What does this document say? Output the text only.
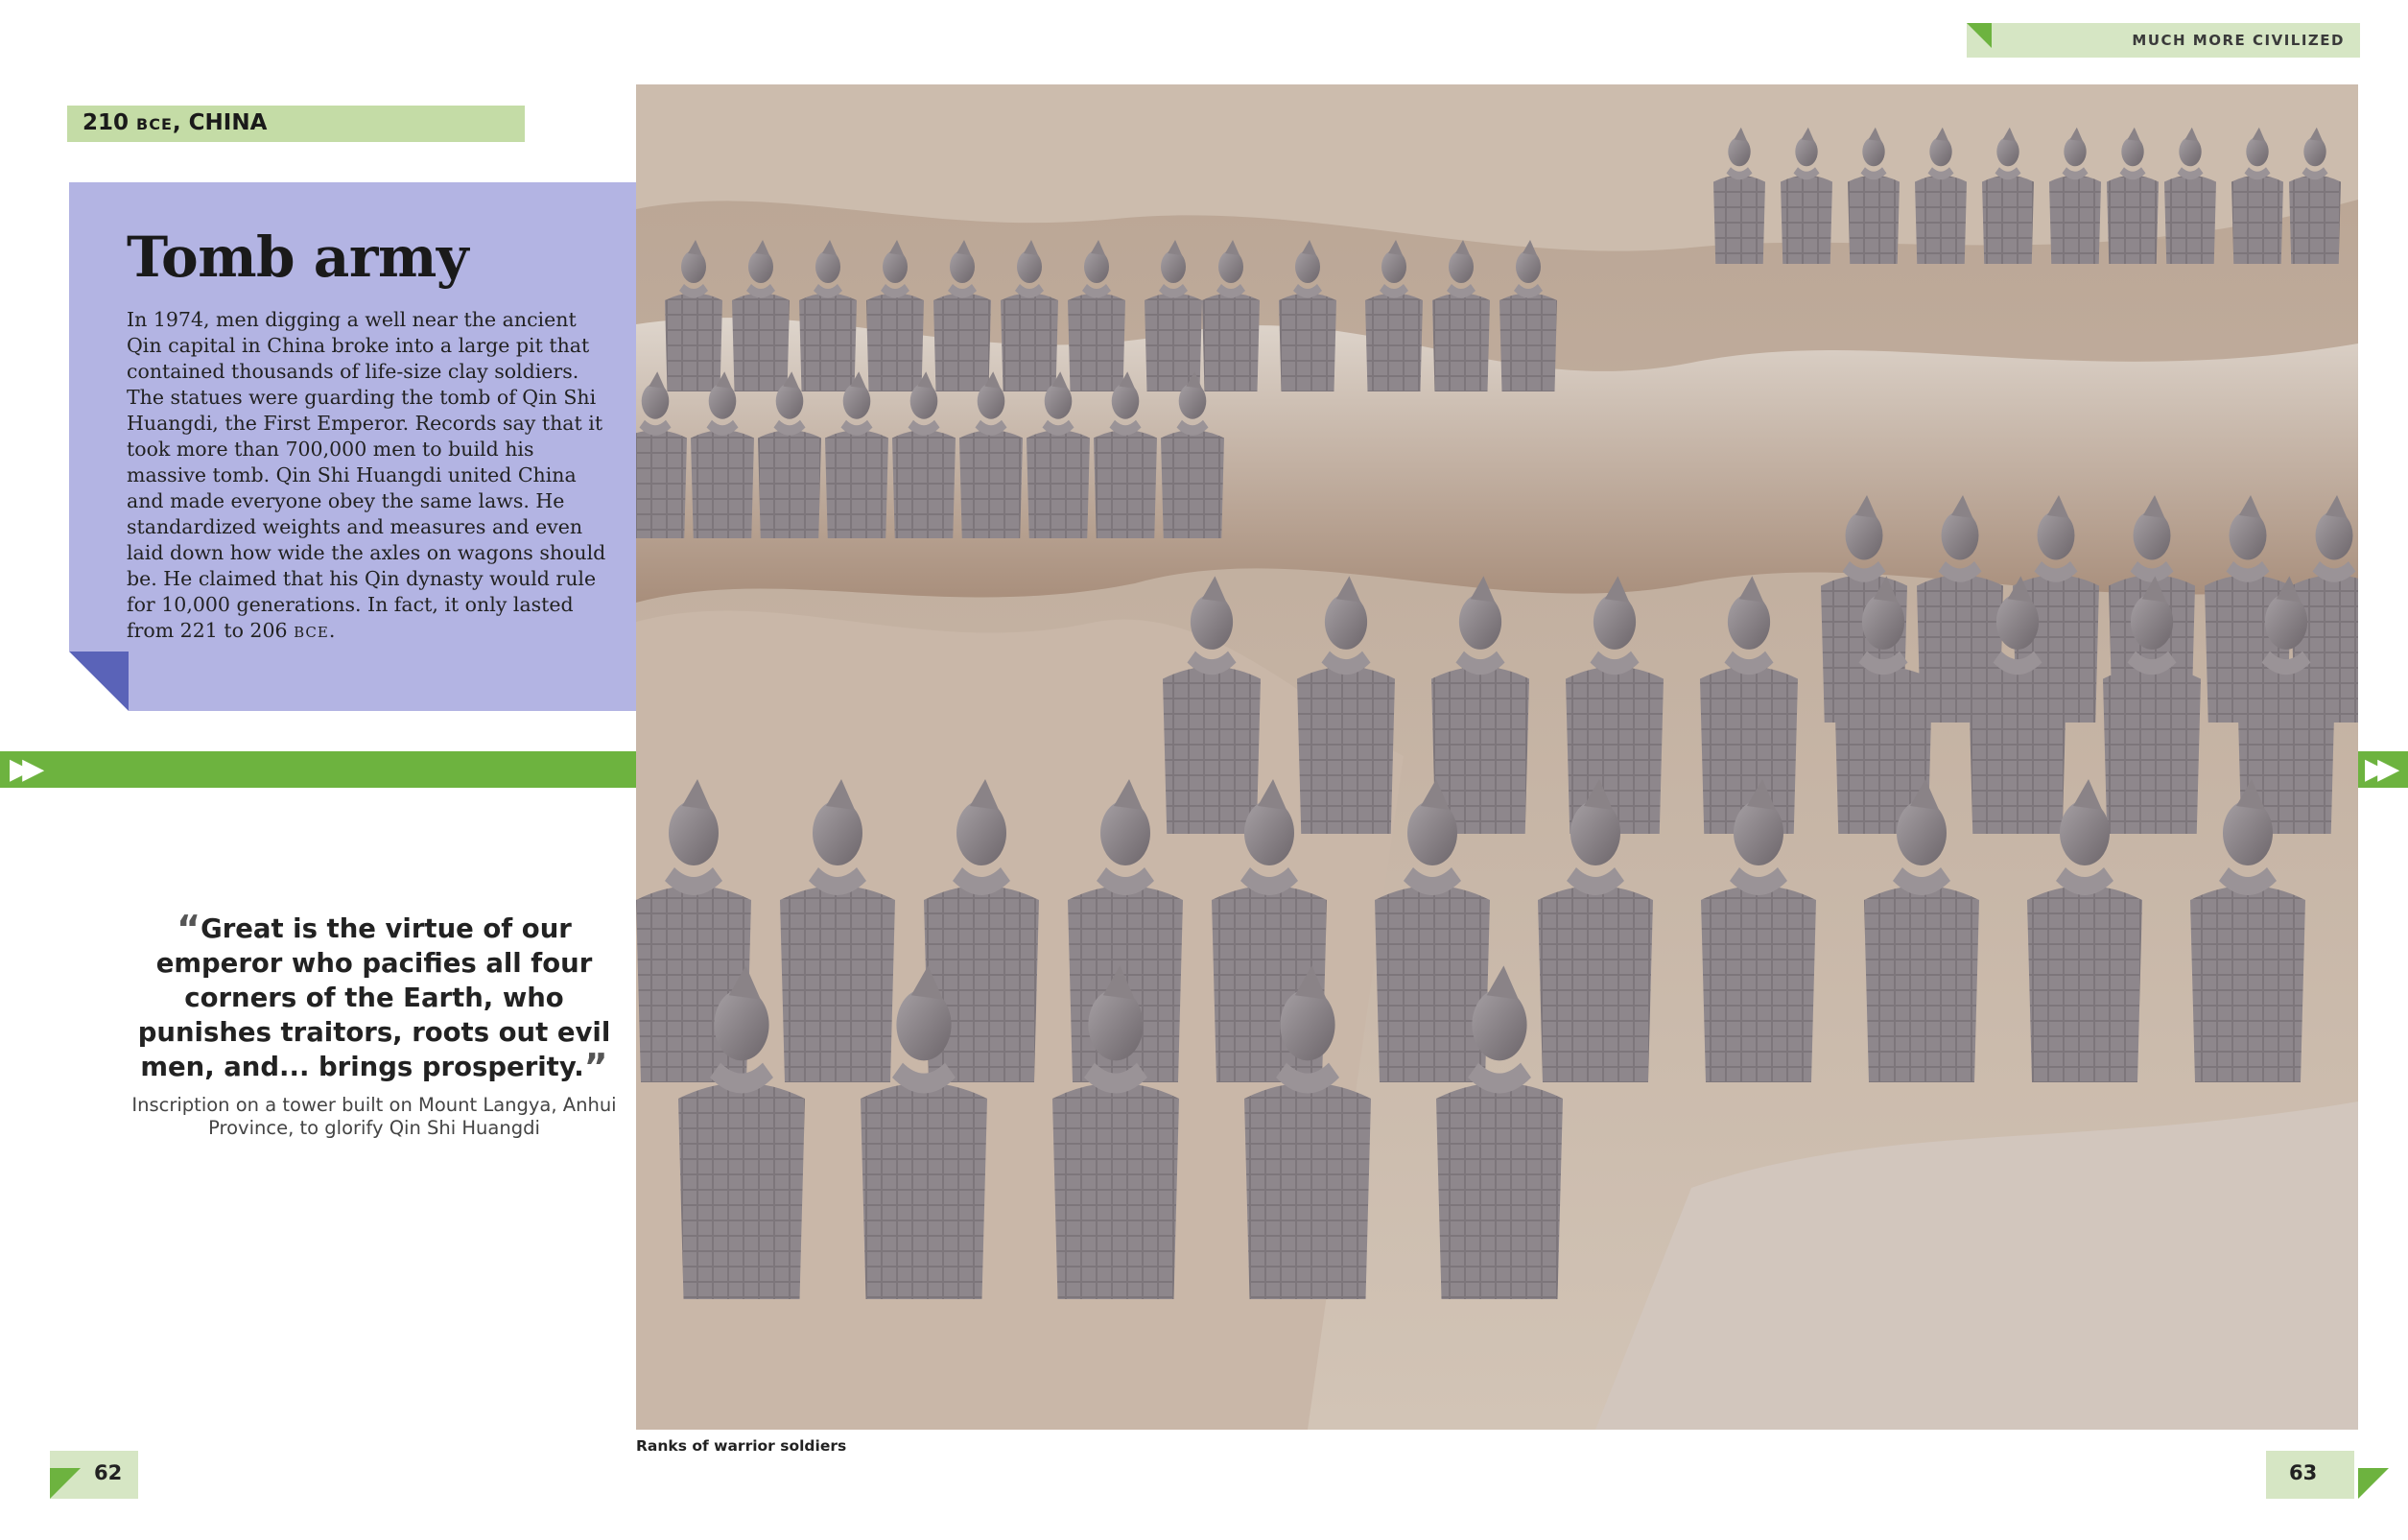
MUCH MORE CIVILIZED
210 BCE, CHINA
Tomb army
In 1974, men digging a well near the ancient Qin capital in China broke into a large pit that contained thousands of life-size clay soldiers. The statues were guarding the tomb of Qin Shi Huangdi, the First Emperor. Records say that it took more than 700,000 men to build his massive tomb. Qin Shi Huangdi united China and made everyone obey the same laws. He standardized weights and measures and even laid down how wide the axles on wagons should be. He claimed that his Qin dynasty would rule for 10,000 generations. In fact, it only lasted from 221 to 206 BCE.
▶▶	▶▶
“Great is the virtue of our emperor who pacifies all four corners of the Earth, who punishes traitors, roots out evil men, and... brings prosperity.”
Inscription on a tower built on Mount Langya, Anhui Province, to glorify Qin Shi Huangdi
Ranks of warrior soldiers
62	63
